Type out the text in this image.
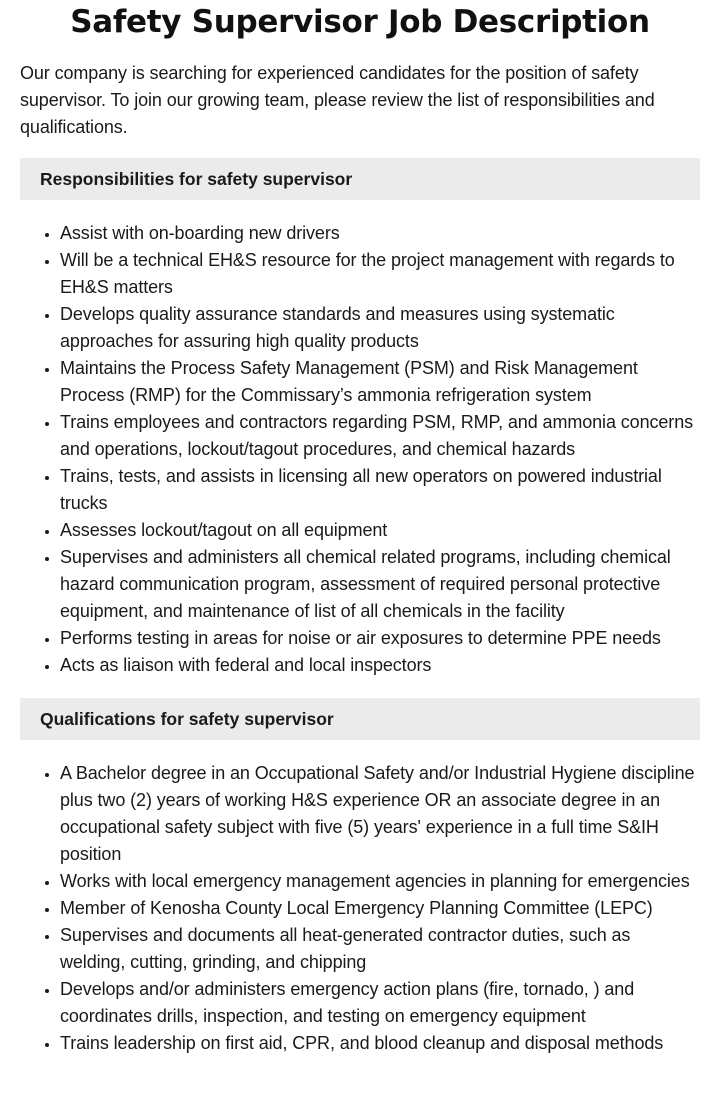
Safety Supervisor Job Description

Our company is searching for experienced candidates for the position of safety supervisor. To join our growing team, please review the list of responsibilities and qualifications.

Responsibilities for safety supervisor
• Assist with on-boarding new drivers
• Will be a technical EH&S resource for the project management with regards to EH&S matters
• Develops quality assurance standards and measures using systematic approaches for assuring high quality products
• Maintains the Process Safety Management (PSM) and Risk Management Process (RMP) for the Commissary’s ammonia refrigeration system
• Trains employees and contractors regarding PSM, RMP, and ammonia concerns and operations, lockout/tagout procedures, and chemical hazards
• Trains, tests, and assists in licensing all new operators on powered industrial trucks
• Assesses lockout/tagout on all equipment
• Supervises and administers all chemical related programs, including chemical hazard communication program, assessment of required personal protective equipment, and maintenance of list of all chemicals in the facility
• Performs testing in areas for noise or air exposures to determine PPE needs
• Acts as liaison with federal and local inspectors
Qualifications for safety supervisor
• A Bachelor degree in an Occupational Safety and/or Industrial Hygiene discipline plus two (2) years of working H&S experience OR an associate degree in an occupational safety subject with five (5) years' experience in a full time S&IH position
• Works with local emergency management agencies in planning for emergencies
• Member of Kenosha County Local Emergency Planning Committee (LEPC)
• Supervises and documents all heat-generated contractor duties, such as welding, cutting, grinding, and chipping
• Develops and/or administers emergency action plans (fire, tornado, ) and coordinates drills, inspection, and testing on emergency equipment
• Trains leadership on first aid, CPR, and blood cleanup and disposal methods
